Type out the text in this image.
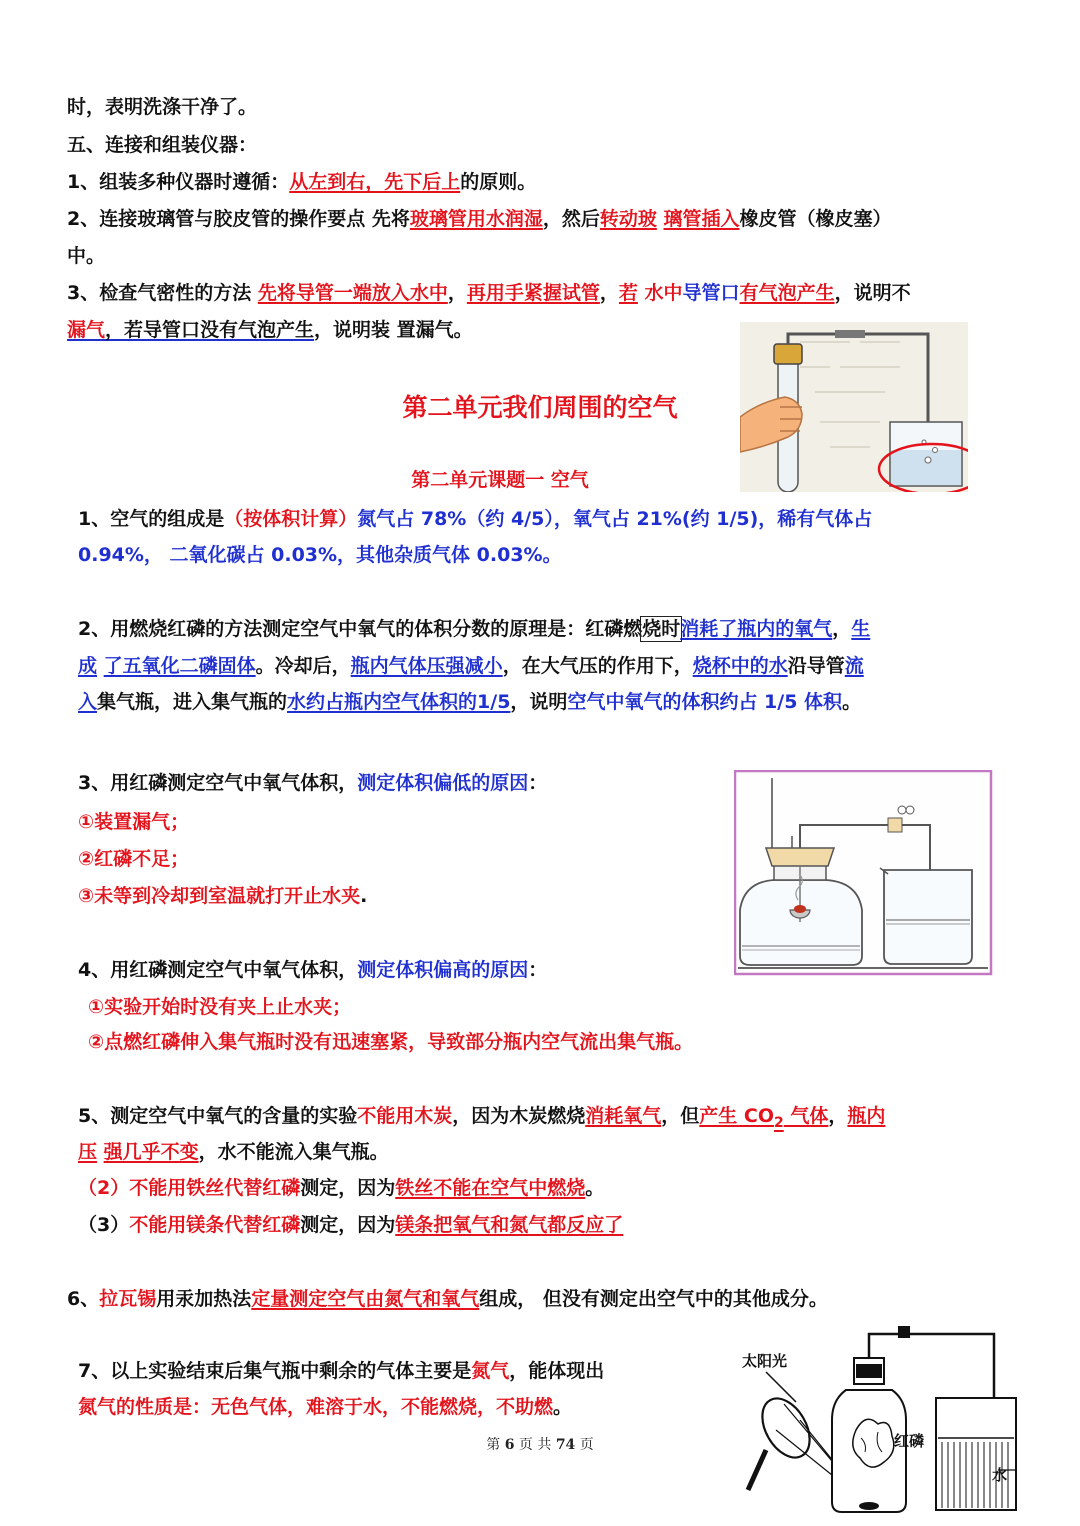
时，表明洗涤干净了。
五、连接和组装仪器：
1、组装多种仪器时遵循：从左到右，先下后上的原则。
2、连接玻璃管与胶皮管的操作要点 先将玻璃管用水润湿，然后转动玻 璃管插入橡皮管（橡皮塞）
中。
3、检查气密性的方法 先将导管一端放入水中，再用手紧握试管，若 水中导管口有气泡产生，说明不
漏气，若导管口没有气泡产生，说明装 置漏气。
第二单元我们周围的空气
第二单元课题一 空气
1、空气的组成是（按体积计算）氮气占 78%（约 4/5），氧气占 21%(约 1/5)，稀有气体占
0.94%， 二氧化碳占 0.03%，其他杂质气体 0.03%。
2、用燃烧红磷的方法测定空气中氧气的体积分数的原理是：红磷燃烧时消耗了瓶内的氧气，生
成 了五氧化二磷固体。冷却后，瓶内气体压强减小，在大气压的作用下，烧杯中的水沿导管流
入集气瓶，进入集气瓶的水约占瓶内空气体积的1/5，说明空气中氧气的体积约占 1/5 体积。
3、用红磷测定空气中氧气体积，测定体积偏低的原因：
①装置漏气；
②红磷不足；
③未等到冷却到室温就打开止水夹.
4、用红磷测定空气中氧气体积，测定体积偏高的原因：
①实验开始时没有夹上止水夹；
②点燃红磷伸入集气瓶时没有迅速塞紧，导致部分瓶内空气流出集气瓶。
5、测定空气中氧气的含量的实验不能用木炭，因为木炭燃烧消耗氧气，但产生 $CO_2$ 气体，瓶内
压 强几乎不变，水不能流入集气瓶。
（2）不能用铁丝代替红磷测定，因为铁丝不能在空气中燃烧。
（3）不能用镁条代替红磷测定，因为镁条把氧气和氮气都反应了
6、拉瓦锡用汞加热法定量测定空气由氮气和氧气组成， 但没有测定出空气中的其他成分。
7、以上实验结束后集气瓶中剩余的气体主要是氮气，能体现出
氮气的性质是：无色气体，难溶于水，不能燃烧，不助燃。
太阳光
红磷
水
第 6 页 共 74 页
